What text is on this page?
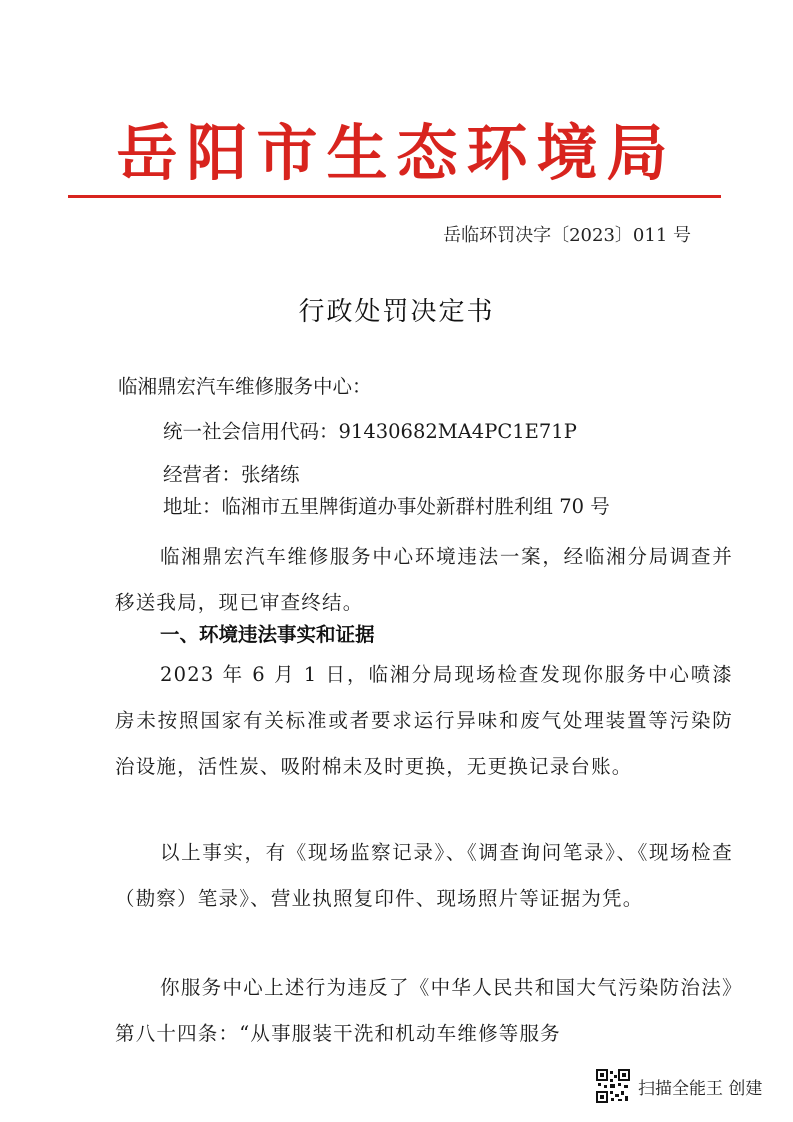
岳阳市生态环境局
岳临环罚决字〔2023〕011 号
行政处罚决定书
临湘鼎宏汽车维修服务中心：
统一社会信用代码：91430682MA4PC1E71P
经营者：张绪练
地址：临湘市五里牌街道办事处新群村胜利组 70 号
临湘鼎宏汽车维修服务中心环境违法一案，经临湘分局调查并移送我局，现已审查终结。
一、环境违法事实和证据
2023 年 6 月 1 日，临湘分局现场检查发现你服务中心喷漆房未按照国家有关标准或者要求运行异味和废气处理装置等污染防治设施，活性炭、吸附棉未及时更换，无更换记录台账。
以上事实，有《现场监察记录》、《调查询问笔录》、《现场检查（勘察）笔录》、营业执照复印件、现场照片等证据为凭。
你服务中心上述行为违反了《中华人民共和国大气污染防治法》第八十四条：“从事服装干洗和机动车维修等服务
扫描全能王 创建
